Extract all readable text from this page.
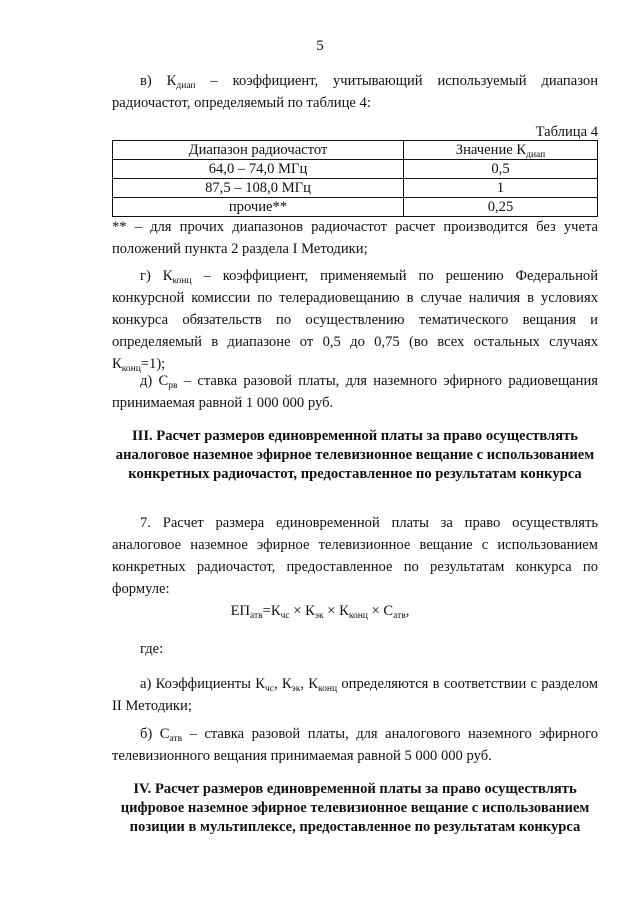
5
в) $К_{диап}$ – коэффициент, учитывающий используемый диапазон радиочастот, определяемый по таблице 4:
Таблица 4
Диапазон радиочастот	Значение $К_{диап}$
64,0 – 74,0 МГц	0,5
87,5 – 108,0 МГц	1
прочие**	0,25
** – для прочих диапазонов радиочастот расчет производится без учета положений пункта 2 раздела I Методики;
г) $К_{конц}$ – коэффициент, применяемый по решению Федеральной конкурсной комиссии по телерадиовещанию в случае наличия в условиях конкурса обязательств по осуществлению тематического вещания и определяемый в диапазоне от 0,5 до 0,75 (во всех остальных случаях $К_{конц}=1$);
д) $С_{рв}$ – ставка разовой платы, для наземного эфирного радиовещания принимаемая равной 1 000 000 руб.
III. Расчет размеров единовременной платы за право осуществлять аналоговое наземное эфирное телевизионное вещание с использованием конкретных радиочастот, предоставленное по результатам конкурса
7. Расчет размера единовременной платы за право осуществлять аналоговое наземное эфирное телевизионное вещание с использованием конкретных радиочастот, предоставленное по результатам конкурса по формуле:
$ЕП_{атв}=К_{чс} \times К_{эк} \times К_{конц} \times С_{атв}$,
где:
а) Коэффициенты $К_{чс}$, $К_{эк}$, $К_{конц}$ определяются в соответствии с разделом II Методики;
б) $С_{атв}$ – ставка разовой платы, для аналогового наземного эфирного телевизионного вещания принимаемая равной 5 000 000 руб.
IV. Расчет размеров единовременной платы за право осуществлять цифровое наземное эфирное телевизионное вещание с использованием позиции в мультиплексе, предоставленное по результатам конкурса
